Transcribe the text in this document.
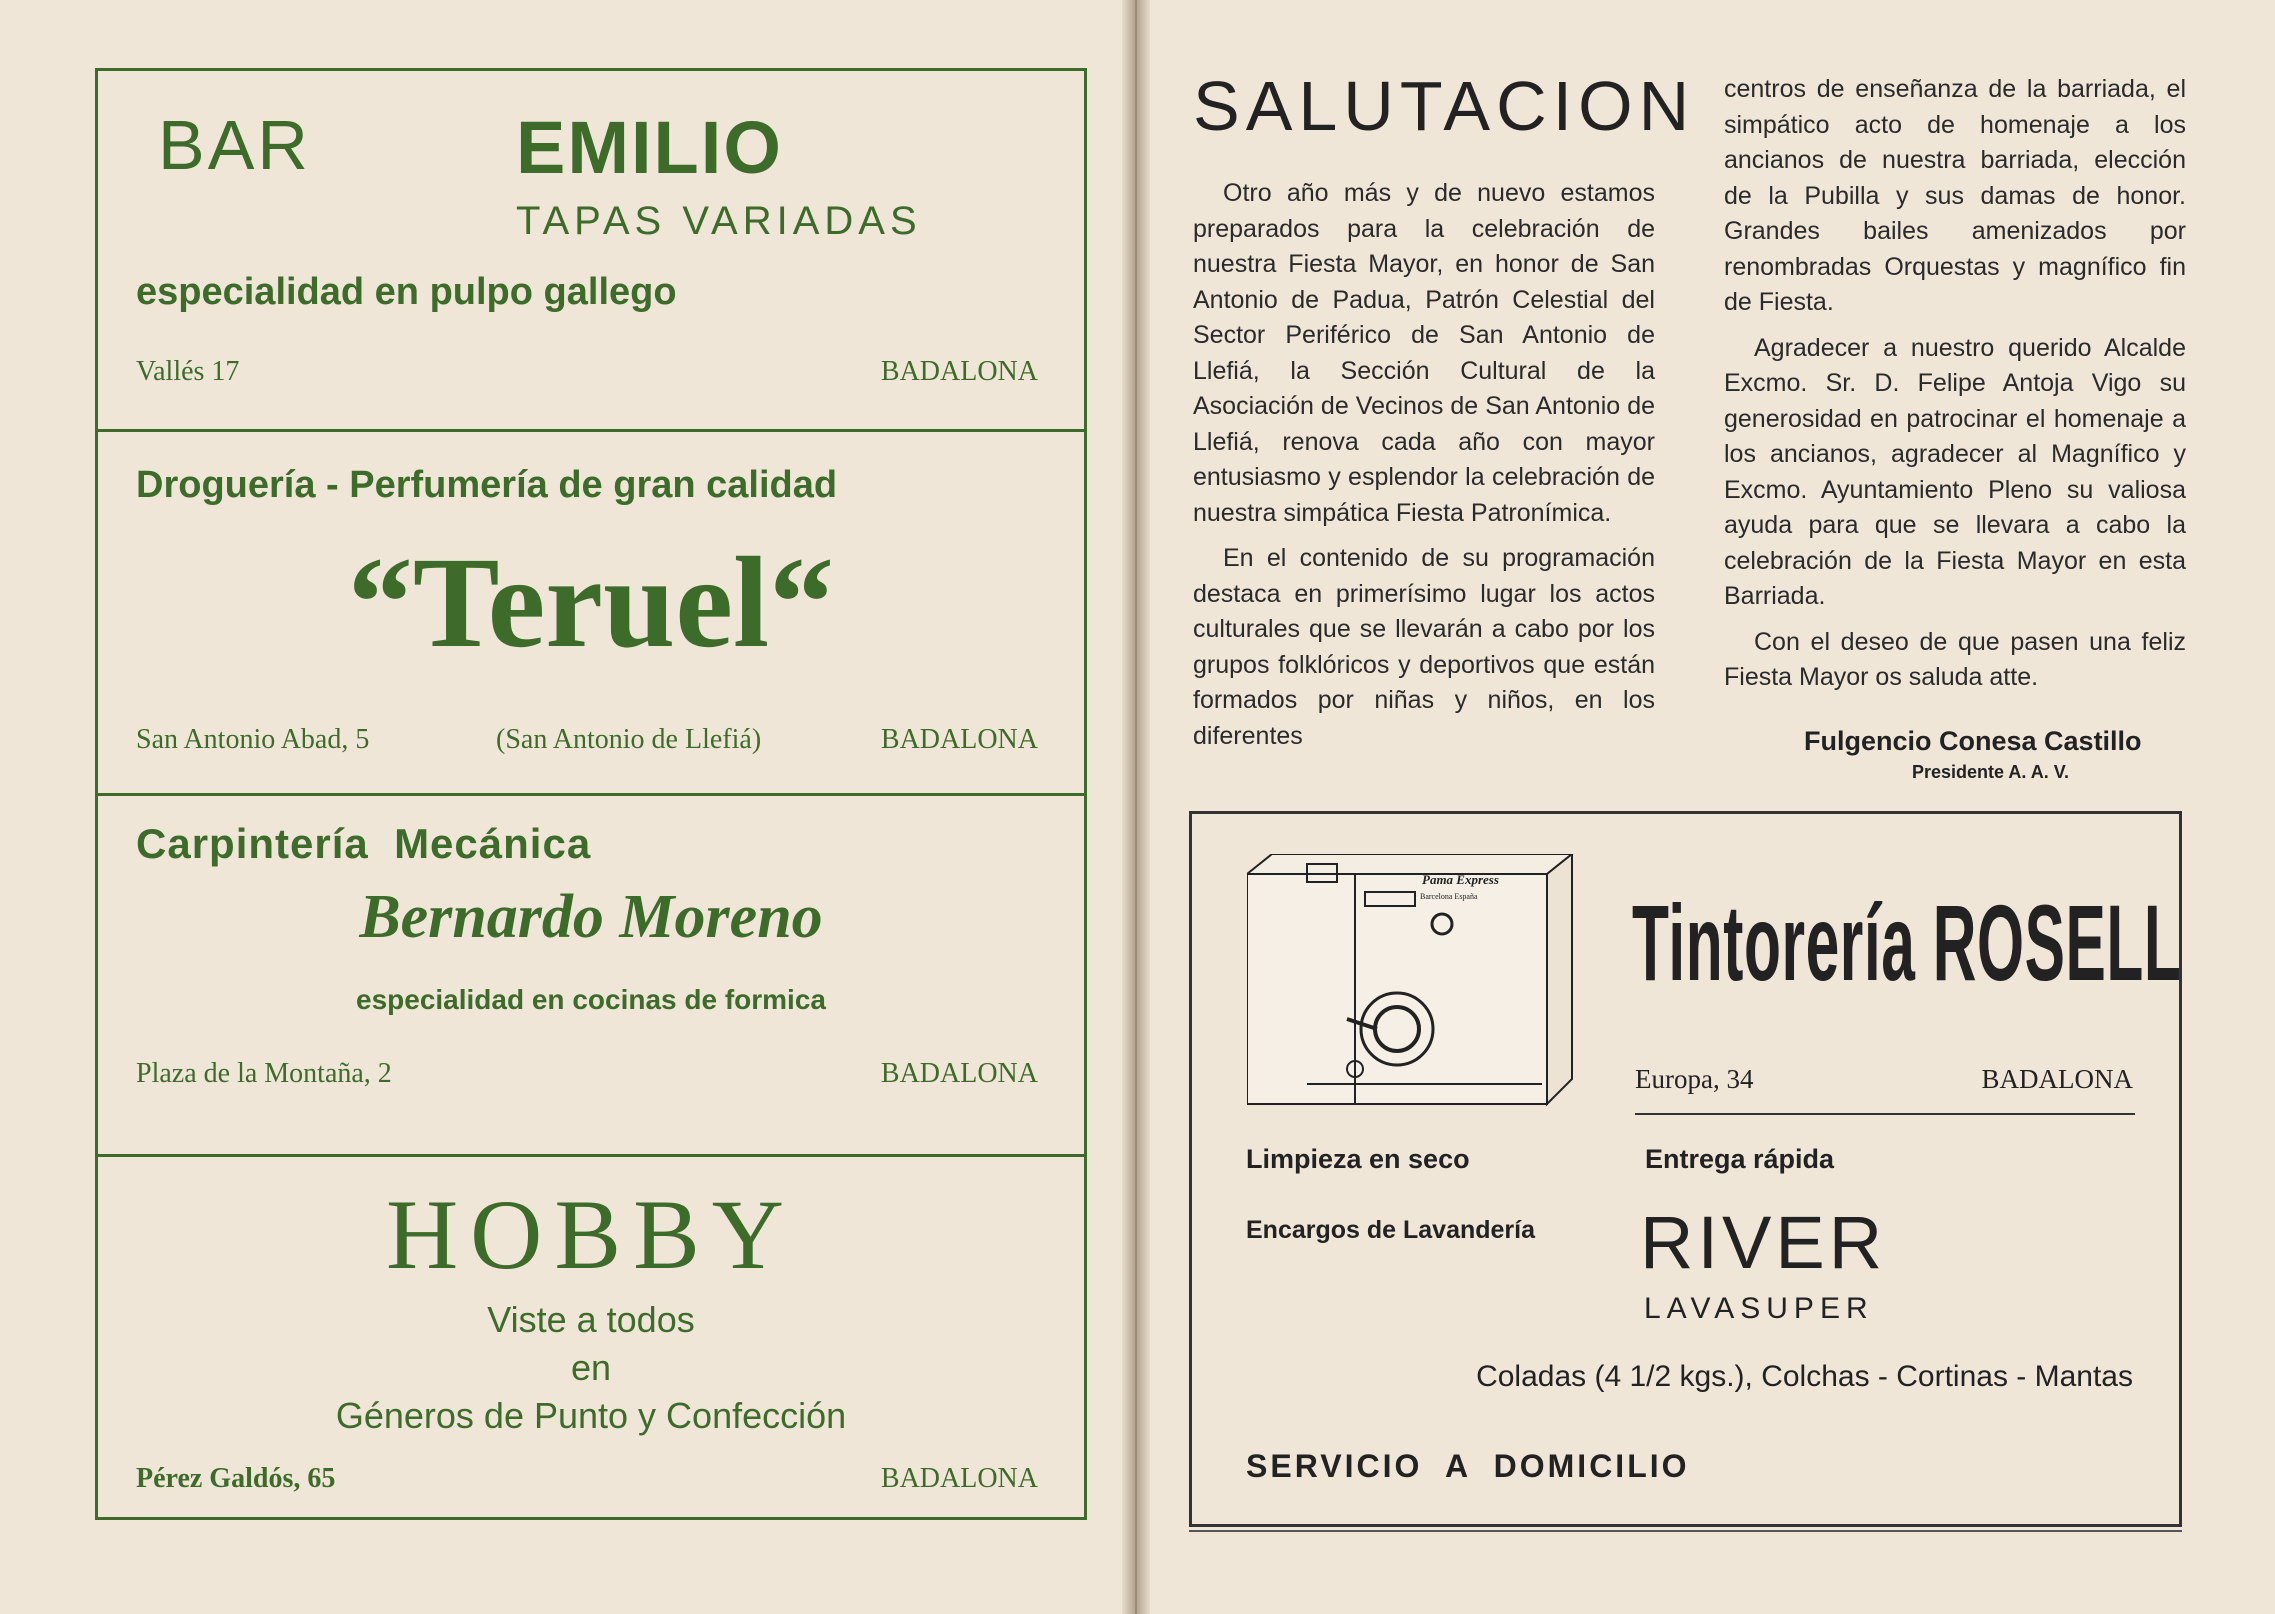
BAR	EMILIO
TAPAS VARIADAS
especialidad en pulpo gallego
Vallés 17	BADALONA
Droguería - Perfumería de gran calidad
“Teruel“
San Antonio Abad, 5	(San Antonio de Llefiá)	BADALONA
Carpintería  Mecánica
Bernardo Moreno
especialidad en cocinas de formica
Plaza de la Montaña, 2	BADALONA
HOBBY
Viste a todos
en
Géneros de Punto y Confección
Pérez Galdós, 65	BADALONA
SALUTACION

Otro año más y de nuevo estamos preparados para la celebración de nuestra Fiesta Mayor, en honor de San Antonio de Padua, Patrón Celestial del Sector Periférico de San Antonio de Llefiá, la Sección Cultural de la Asociación de Vecinos de San Antonio de Llefiá, renova cada año con mayor entusiasmo y esplendor la celebración de nuestra simpática Fiesta Patronímica.

En el contenido de su programación destaca en primerísimo lugar los actos culturales que se llevarán a cabo por los grupos folklóricos y deportivos que están formados por niñas y niños, en los diferentes

centros de enseñanza de la barriada, el simpático acto de homenaje a los ancianos de nuestra barriada, elección de la Pubilla y sus damas de honor. Grandes bailes amenizados por renombradas Orquestas y magnífico fin de Fiesta.

Agradecer a nuestro querido Alcalde Excmo. Sr. D. Felipe Antoja Vigo su generosidad en patrocinar el homenaje a los ancianos, agradecer al Magnífico y Excmo. Ayuntamiento Pleno su valiosa ayuda para que se llevara a cabo la celebración de la Fiesta Mayor en esta Barriada.

Con el deseo de que pasen una feliz Fiesta Mayor os saluda atte.

Fulgencio Conesa Castillo
Presidente A. A. V.
Pama Express
Barcelona España Tintorería ROSELL
Europa, 34	BADALONA
Limpieza en seco	Entrega rápida
Encargos de Lavandería RIVER
LAVASUPER
Coladas (4 1/2 kgs.), Colchas - Cortinas - Mantas
SERVICIO  A  DOMICILIO
